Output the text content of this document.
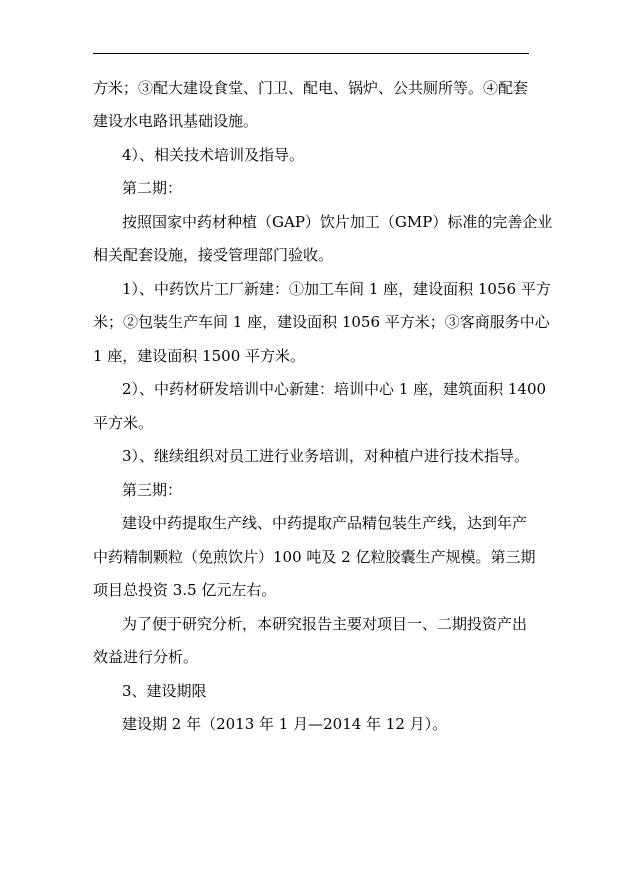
方米；③配大建设食堂、门卫、配电、锅炉、公共厕所等。④配套
建设水电路讯基础设施。
4）、相关技术培训及指导。
第二期：
按照国家中药材种植（GAP）饮片加工（GMP）标准的完善企业
相关配套设施，接受管理部门验收。
1）、中药饮片工厂新建：①加工车间 1 座，建设面积 1056 平方
米；②包装生产车间 1 座，建设面积 1056 平方米；③客商服务中心
1 座，建设面积 1500 平方米。
2）、中药材研发培训中心新建：培训中心 1 座，建筑面积 1400
平方米。
3）、继续组织对员工进行业务培训，对种植户进行技术指导。
第三期：
建设中药提取生产线、中药提取产品精包装生产线，达到年产
中药精制颗粒（免煎饮片）100 吨及 2 亿粒胶囊生产规模。第三期
项目总投资 3.5 亿元左右。
为了便于研究分析，本研究报告主要对项目一、二期投资产出
效益进行分析。
3、建设期限
建设期 2 年（2013 年 1 月—2014 年 12 月）。
